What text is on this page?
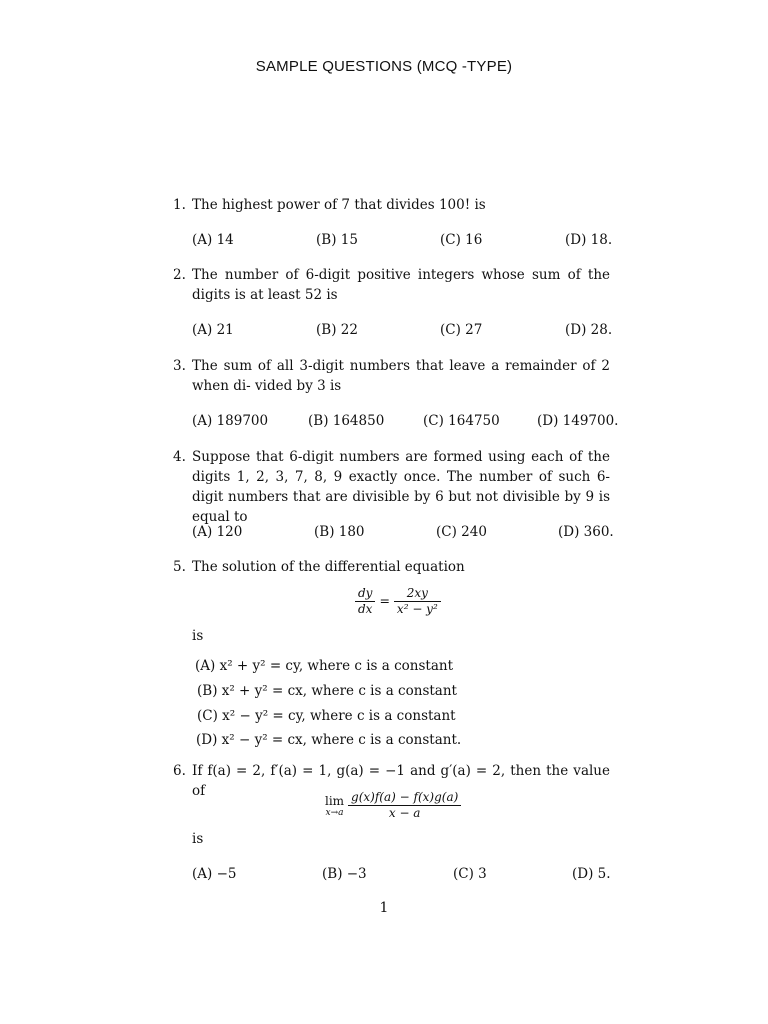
SAMPLE QUESTIONS (MCQ -TYPE)
1. The highest power of 7 that divides 100! is
(A) 14	(B) 15	(C) 16	(D) 18.
2. The number of 6-digit positive integers whose sum of the digits is at least 52 is
(A) 21	(B) 22	(C) 27	(D) 28.
3. The sum of all 3-digit numbers that leave a remainder of 2 when di- vided by 3 is
(A) 189700	(B) 164850	(C) 164750	(D) 149700.
4. Suppose that 6-digit numbers are formed using each of the digits 1, 2, 3, 7, 8, 9 exactly once. The number of such 6-digit numbers that are divisible by 6 but not divisible by 9 is equal to
(A) 120	(B) 180	(C) 240	(D) 360.
5. The solution of the differential equation
$\frac{dy}{dx} = \frac{2xy}{\text{x² − y²}}$
is
(A) x² + y² = cy, where c is a constant
(B) x² + y² = cx, where c is a constant
(C) x² − y² = cy, where c is a constant
(D) x² − y² = cx, where c is a constant.
6. If f(a) = 2, f′(a) = 1, g(a) = −1 and g′(a) = 2, then the value of
lim
x→a
$\frac{g(x)f(a) - f(x)g(a)}{x - a}$
is
(A) −5	(B) −3	(C) 3	(D) 5.
1
